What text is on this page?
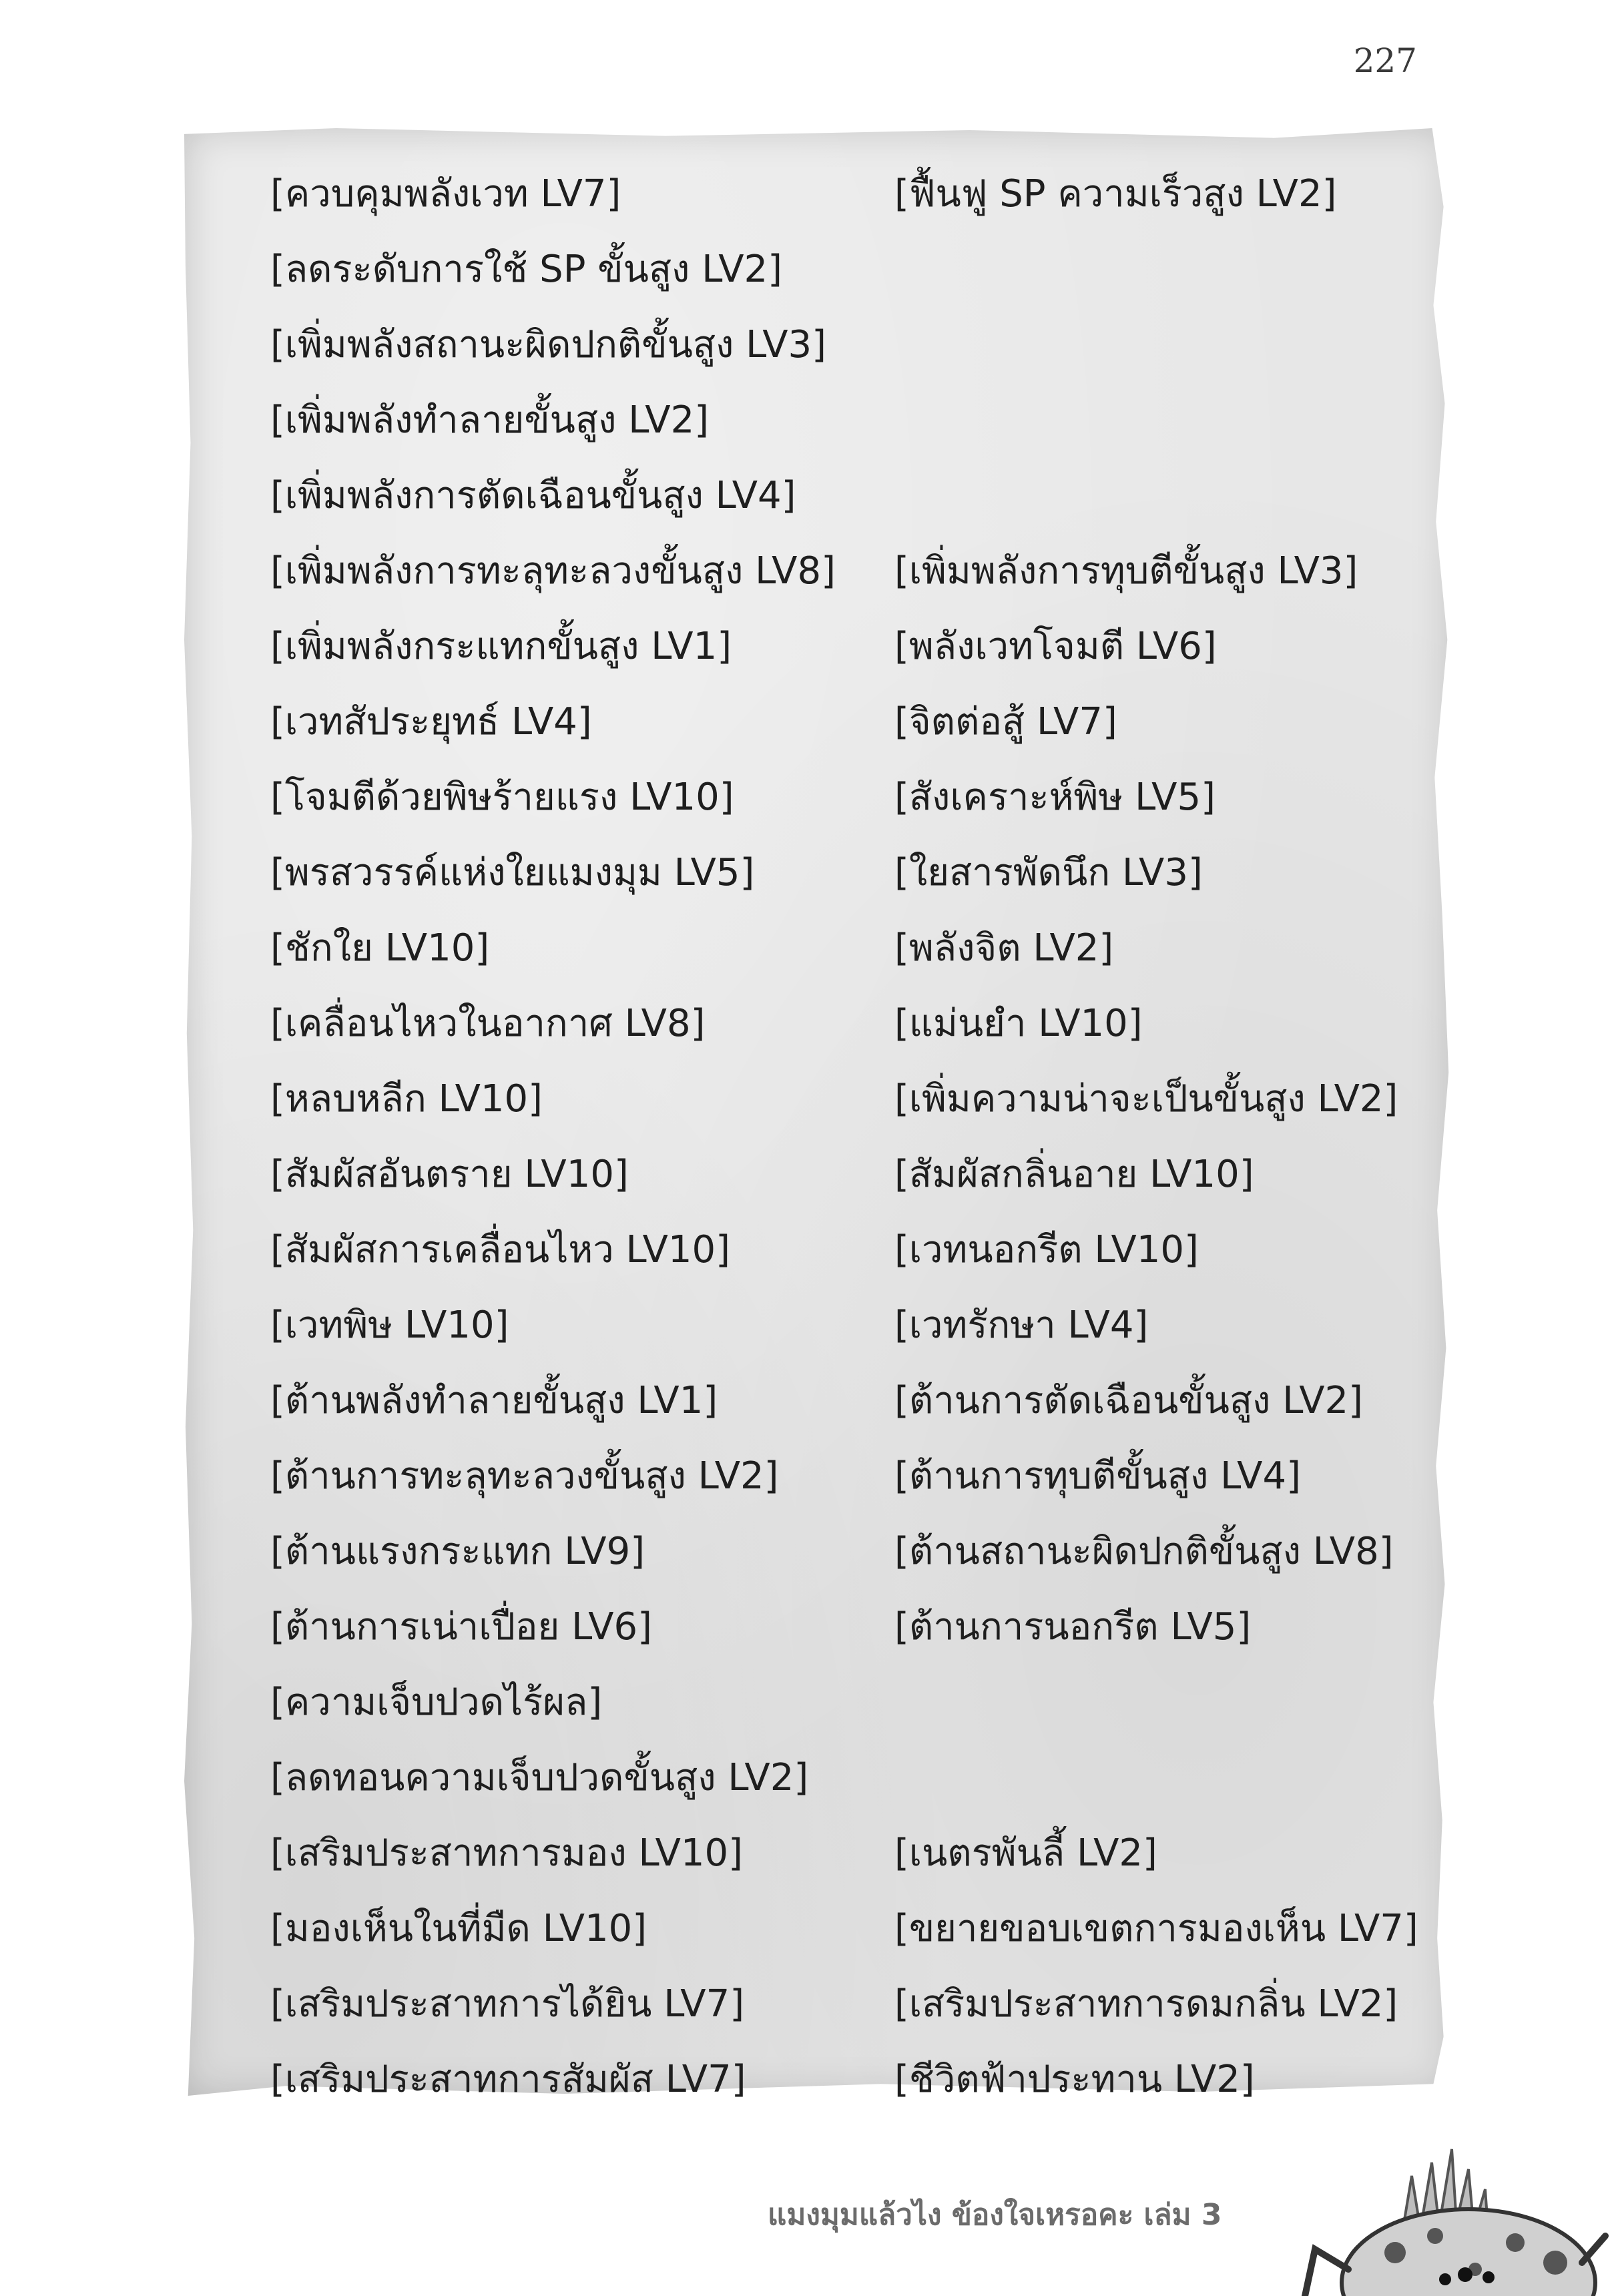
227
[ควบคุมพลังเวท LV7]	[ฟื้นฟู SP ความเร็วสูง LV2]
[ลดระดับการใช้ SP ขั้นสูง LV2]
[เพิ่มพลังสถานะผิดปกติขั้นสูง LV3]
[เพิ่มพลังทำลายขั้นสูง LV2]
[เพิ่มพลังการตัดเฉือนขั้นสูง LV4]
[เพิ่มพลังการทะลุทะลวงขั้นสูง LV8]	[เพิ่มพลังการทุบตีขั้นสูง LV3]
[เพิ่มพลังกระแทกขั้นสูง LV1]	[พลังเวทโจมตี LV6]
[เวทสัประยุทธ์ LV4]	[จิตต่อสู้ LV7]
[โจมตีด้วยพิษร้ายแรง LV10]	[สังเคราะห์พิษ LV5]
[พรสวรรค์แห่งใยแมงมุม LV5]	[ใยสารพัดนึก LV3]
[ชักใย LV10]	[พลังจิต LV2]
[เคลื่อนไหวในอากาศ LV8]	[แม่นยำ LV10]
[หลบหลีก LV10]	[เพิ่มความน่าจะเป็นขั้นสูง LV2]
[สัมผัสอันตราย LV10]	[สัมผัสกลิ่นอาย LV10]
[สัมผัสการเคลื่อนไหว LV10]	[เวทนอกรีต LV10]
[เวทพิษ LV10]	[เวทรักษา LV4]
[ต้านพลังทำลายขั้นสูง LV1]	[ต้านการตัดเฉือนขั้นสูง LV2]
[ต้านการทะลุทะลวงขั้นสูง LV2]	[ต้านการทุบตีขั้นสูง LV4]
[ต้านแรงกระแทก LV9]	[ต้านสถานะผิดปกติขั้นสูง LV8]
[ต้านการเน่าเปื่อย LV6]	[ต้านการนอกรีต LV5]
[ความเจ็บปวดไร้ผล]
[ลดทอนความเจ็บปวดขั้นสูง LV2]
[เสริมประสาทการมอง LV10]	[เนตรพันลี้ LV2]
[มองเห็นในที่มืด LV10]	[ขยายขอบเขตการมองเห็น LV7]
[เสริมประสาทการได้ยิน LV7]	[เสริมประสาทการดมกลิ่น LV2]
[เสริมประสาทการสัมผัส LV7]	[ชีวิตฟ้าประทาน LV2]
แมงมุมแล้วไง ข้องใจเหรอคะ เล่ม 3
